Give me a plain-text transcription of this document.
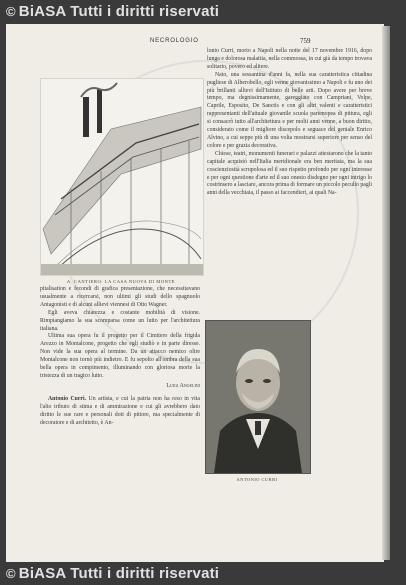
© BiASA Tutti i diritti riservati
NECROLOGIO	759
A. CANTIERO: LA CASA NUOVA DI MONTE

lonio Curri, morto a Napoli nella notte del 17 novembre 1916, dopo lunga e dolorosa malattia, nella commossa, in cui già da tempo trovava solitario, povero ed alitere.

Nato, una sessantina d'anni fa, nella sua caratteristica cittadina pugliese di Alberobello, egli venne giovanissimo a Napoli e fu uno dei più brillanti allievi dell'Istituto di belle arti. Dopo avere per breve tempo, ma degnissimamente, gareggiato con Campriani, Volpe, Caprile, Esposito, De Sanctis e con gli altri valenti e caratteristici rappresentanti dell'attuale giovanile scuola partenopea di pittura, egli si consacrò tutto all'architettura e per molti anni venne, a buon diritto, considerato come il migliore discepolo e seguace del geniale Enrico Alvino, a cui seppe più di una volta mostrarsi superiore per senso del colore e per grazia decorativa.

Chiese, teatri, monumenti funerari e palazzi attestarono che la tanto capitale acquistò nell'Italia meridionale era ben meritata, ma la sua coscienziosità scrupolosa ed il suo rispetto profondo per ogni interesse e per ogni questione d'arte ed il suo onesto disdegno per ogni intrigo lo costrinsero a lasciare, ancora prima di formare un piccolo peculio pagli anni della vecchiaia, il passo ai faccendieri, ai quali Na-

ANTONIO CURRI

pitalisation e fecondi di grafica presentazione, che necessitavano usualmente a ricercarsi, non ultimi gli studi dello spagnuolo Antagonisti e di alcuni allievi viennesi di Otto Wagner.

Egli aveva chiarezza e costante mobilità di visione. Rimpiangiamo la sua scomparsa come un lutto per l'architettura italiana.

Ultima sua opera fu il progetto per il Cimitero della frigida Arezzo in Montalcone, progetto che egli studiò e in parte diresse. Non vide la sua opera al termine. Da un attacco nemico oltre Montalcone non tornò più indietro. E fu sepolto all'ombra della sua bella opera in compimento, illuminando con gloriosa morte la tristezza di un tragico lutto.

Luigi Angelini

Antonio Curri. Un artista, e cui la patria non ha reso in vita l'alto tributo di stima e di ammirazione e cui gli avrebbero dato diritto le sue rare e personali doti di pittore, ma specialmente di decoratore e di architetto, è An-

© BiASA Tutti i diritti riservati
